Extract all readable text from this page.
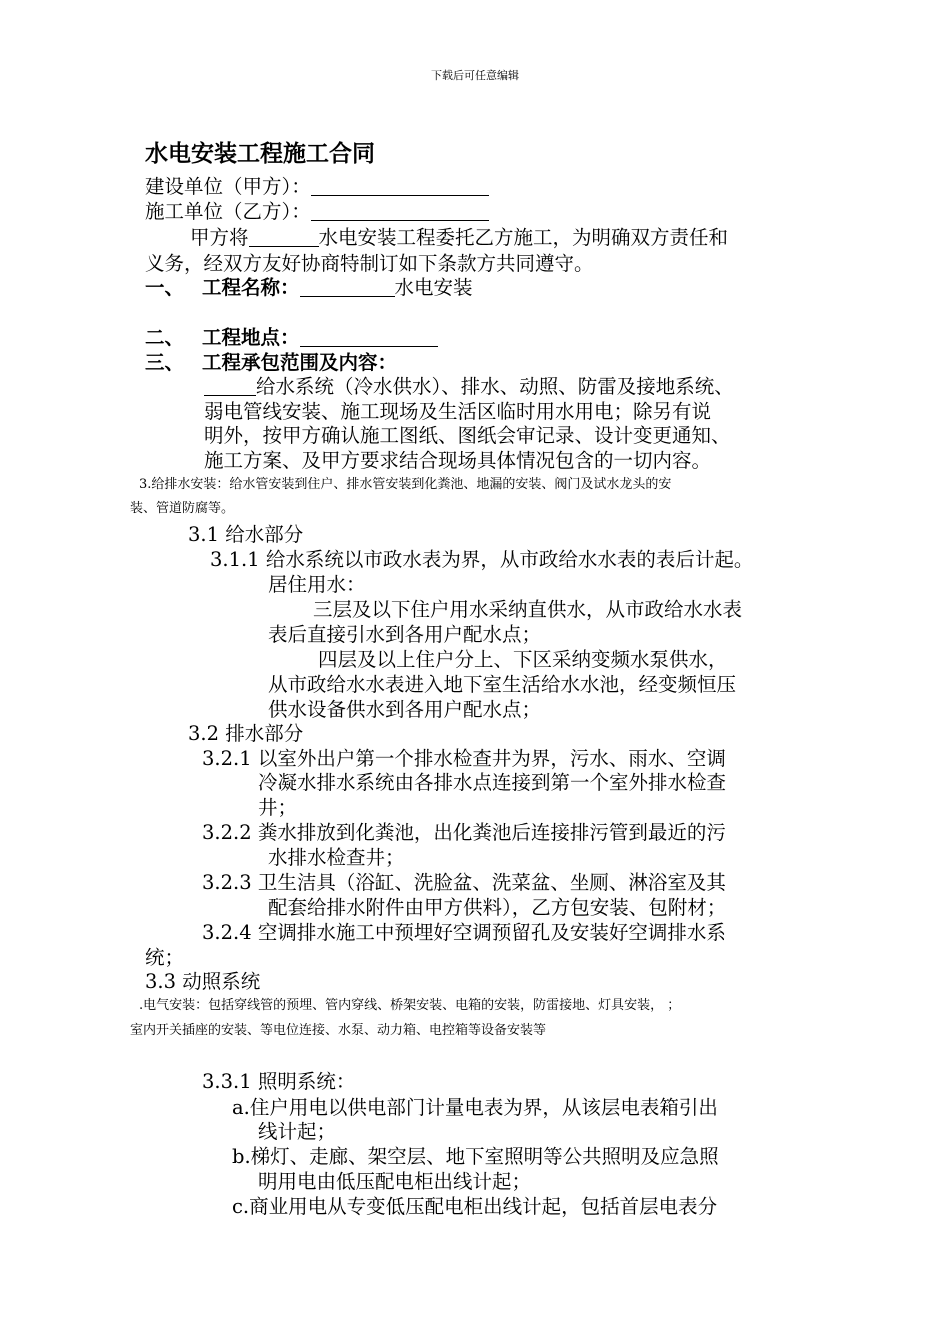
下载后可任意编辑
水电安装工程施工合同
建设单位（甲方）：
施工单位（乙方）：
甲方将	水电安装工程委托乙方施工，为明确双方责任和
义务，经双方友好协商特制订如下条款方共同遵守。
一、 工程名称：	水电安装
二、 工程地点：
三、 工程承包范围及内容：
给水系统（冷水供水）、排水、动照、防雷及接地系统、
弱电管线安装、施工现场及生活区临时用水用电；除另有说
明外，按甲方确认施工图纸、图纸会审记录、设计变更通知、
施工方案、及甲方要求结合现场具体情况包含的一切内容。
3.给排水安装：给水管安装到住户、排水管安装到化粪池、地漏的安装、阀门及试水龙头的安
装、管道防腐等。
3.1 给水部分
3.1.1 给水系统以市政水表为界，从市政给水水表的表后计起。
居住用水：
三层及以下住户用水采纳直供水，从市政给水水表
表后直接引水到各用户配水点；
四层及以上住户分上、下区采纳变频水泵供水，
从市政给水水表进入地下室生活给水水池，经变频恒压
供水设备供水到各用户配水点；
3.2 排水部分
3.2.1 以室外出户第一个排水检查井为界，污水、雨水、空调
冷凝水排水系统由各排水点连接到第一个室外排水检查
井；
3.2.2 粪水排放到化粪池，出化粪池后连接排污管到最近的污
水排水检查井；
3.2.3 卫生洁具（浴缸、洗脸盆、洗菜盆、坐厕、淋浴室及其
配套给排水附件由甲方供料），乙方包安装、包附材；
3.2.4 空调排水施工中预埋好空调预留孔及安装好空调排水系
统；
3.3 动照系统
.电气安装：包括穿线管的预埋、管内穿线、桥架安装、电箱的安装，防雷接地、灯具安装， ；
室内开关插座的安装、等电位连接、水泵、动力箱、电控箱等设备安装等
3.3.1 照明系统：
a.住户用电以供电部门计量电表为界，从该层电表箱引出
线计起；
b.梯灯、走廊、架空层、地下室照明等公共照明及应急照
明用电由低压配电柜出线计起；
c.商业用电从专变低压配电柜出线计起，包括首层电表分
